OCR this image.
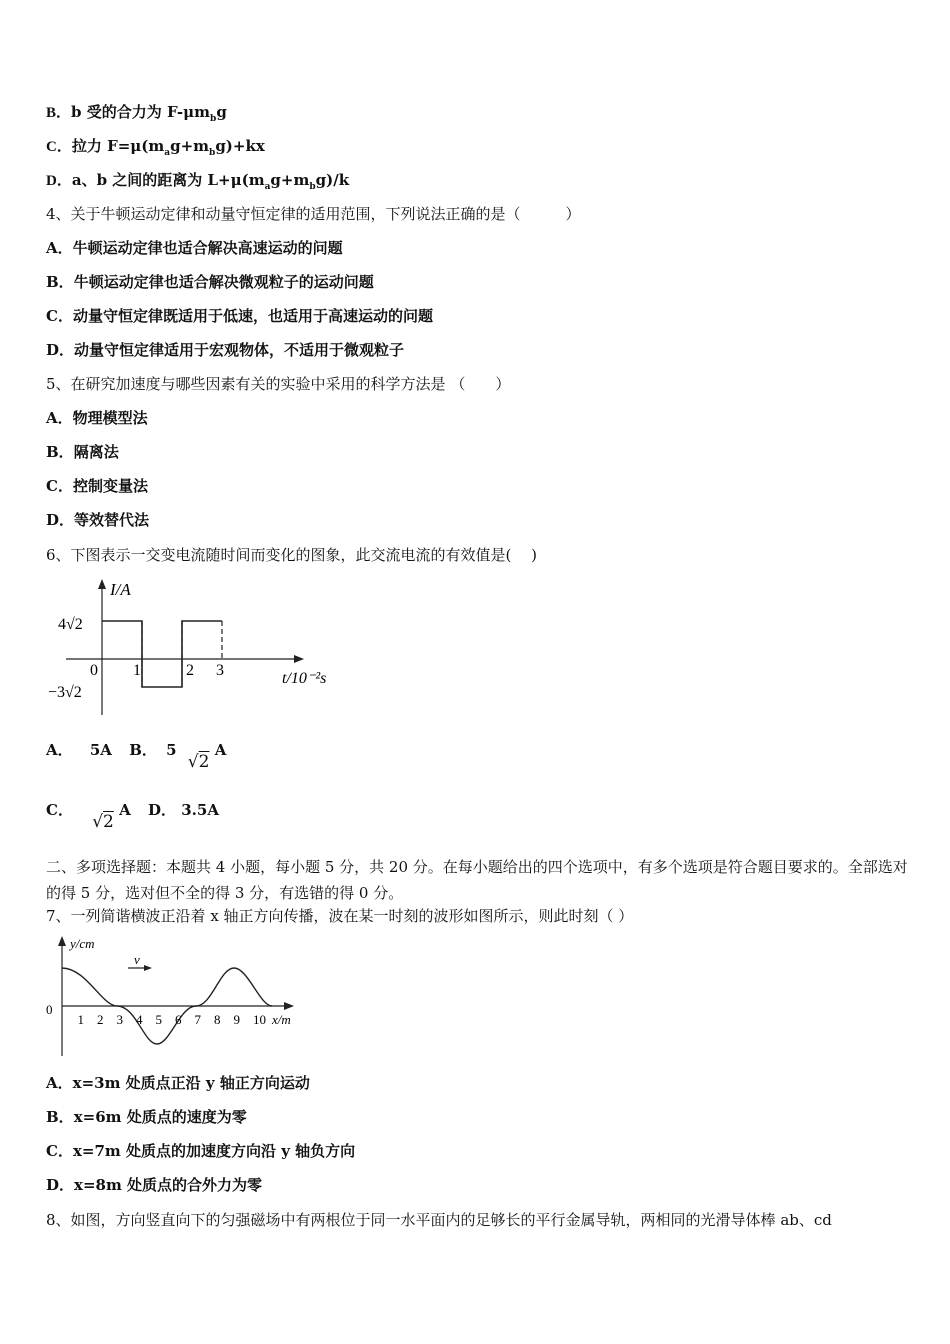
B．b 受的合力为 $F-\mu m_bg$
C．拉力 $F=\mu(m_ag+m_bg)+kx$
D．a、b 之间的距离为 $L+\mu(m_ag+m_bg)/k$
4、关于牛顿运动定律和动量守恒定律的适用范围，下列说法正确的是（　　　）
A．牛顿运动定律也适合解决高速运动的问题
B．牛顿运动定律也适合解决微观粒子的运动问题
C．动量守恒定律既适用于低速，也适用于高速运动的问题
D．动量守恒定律适用于宏观物体，不适用于微观粒子
5、在研究加速度与哪些因素有关的实验中采用的科学方法是 （　　）
A．物理模型法
B．隔离法
C．控制变量法
D．等效替代法
6、下图表示一交变电流随时间而变化的图象，此交流电流的有效值是(　 )
I/A
4√2
−3√2
0 1	2 3	t/10⁻²s
A． 5A B． 5 √2 A
C． √2 A D． 3.5A
二、多项选择题：本题共 4 小题，每小题 5 分，共 20 分。在每小题给出的四个选项中，有多个选项是符合题目要求的。全部选对的得 5 分，选对但不全的得 3 分，有选错的得 0 分。
7、一列简谐横波正沿着 x 轴正方向传播，波在某一时刻的波形如图所示，则此时刻（ ）
v
y/cm
0
1 2 3 4 5 6 7 8 9 10 x/m
A．x=3m 处质点正沿 y 轴正方向运动
B．x=6m 处质点的速度为零
C．x=7m 处质点的加速度方向沿 y 轴负方向
D．x=8m 处质点的合外力为零
8、如图，方向竖直向下的匀强磁场中有两根位于同一水平面内的足够长的平行金属导轨，两相同的光滑导体棒 ab、cd
